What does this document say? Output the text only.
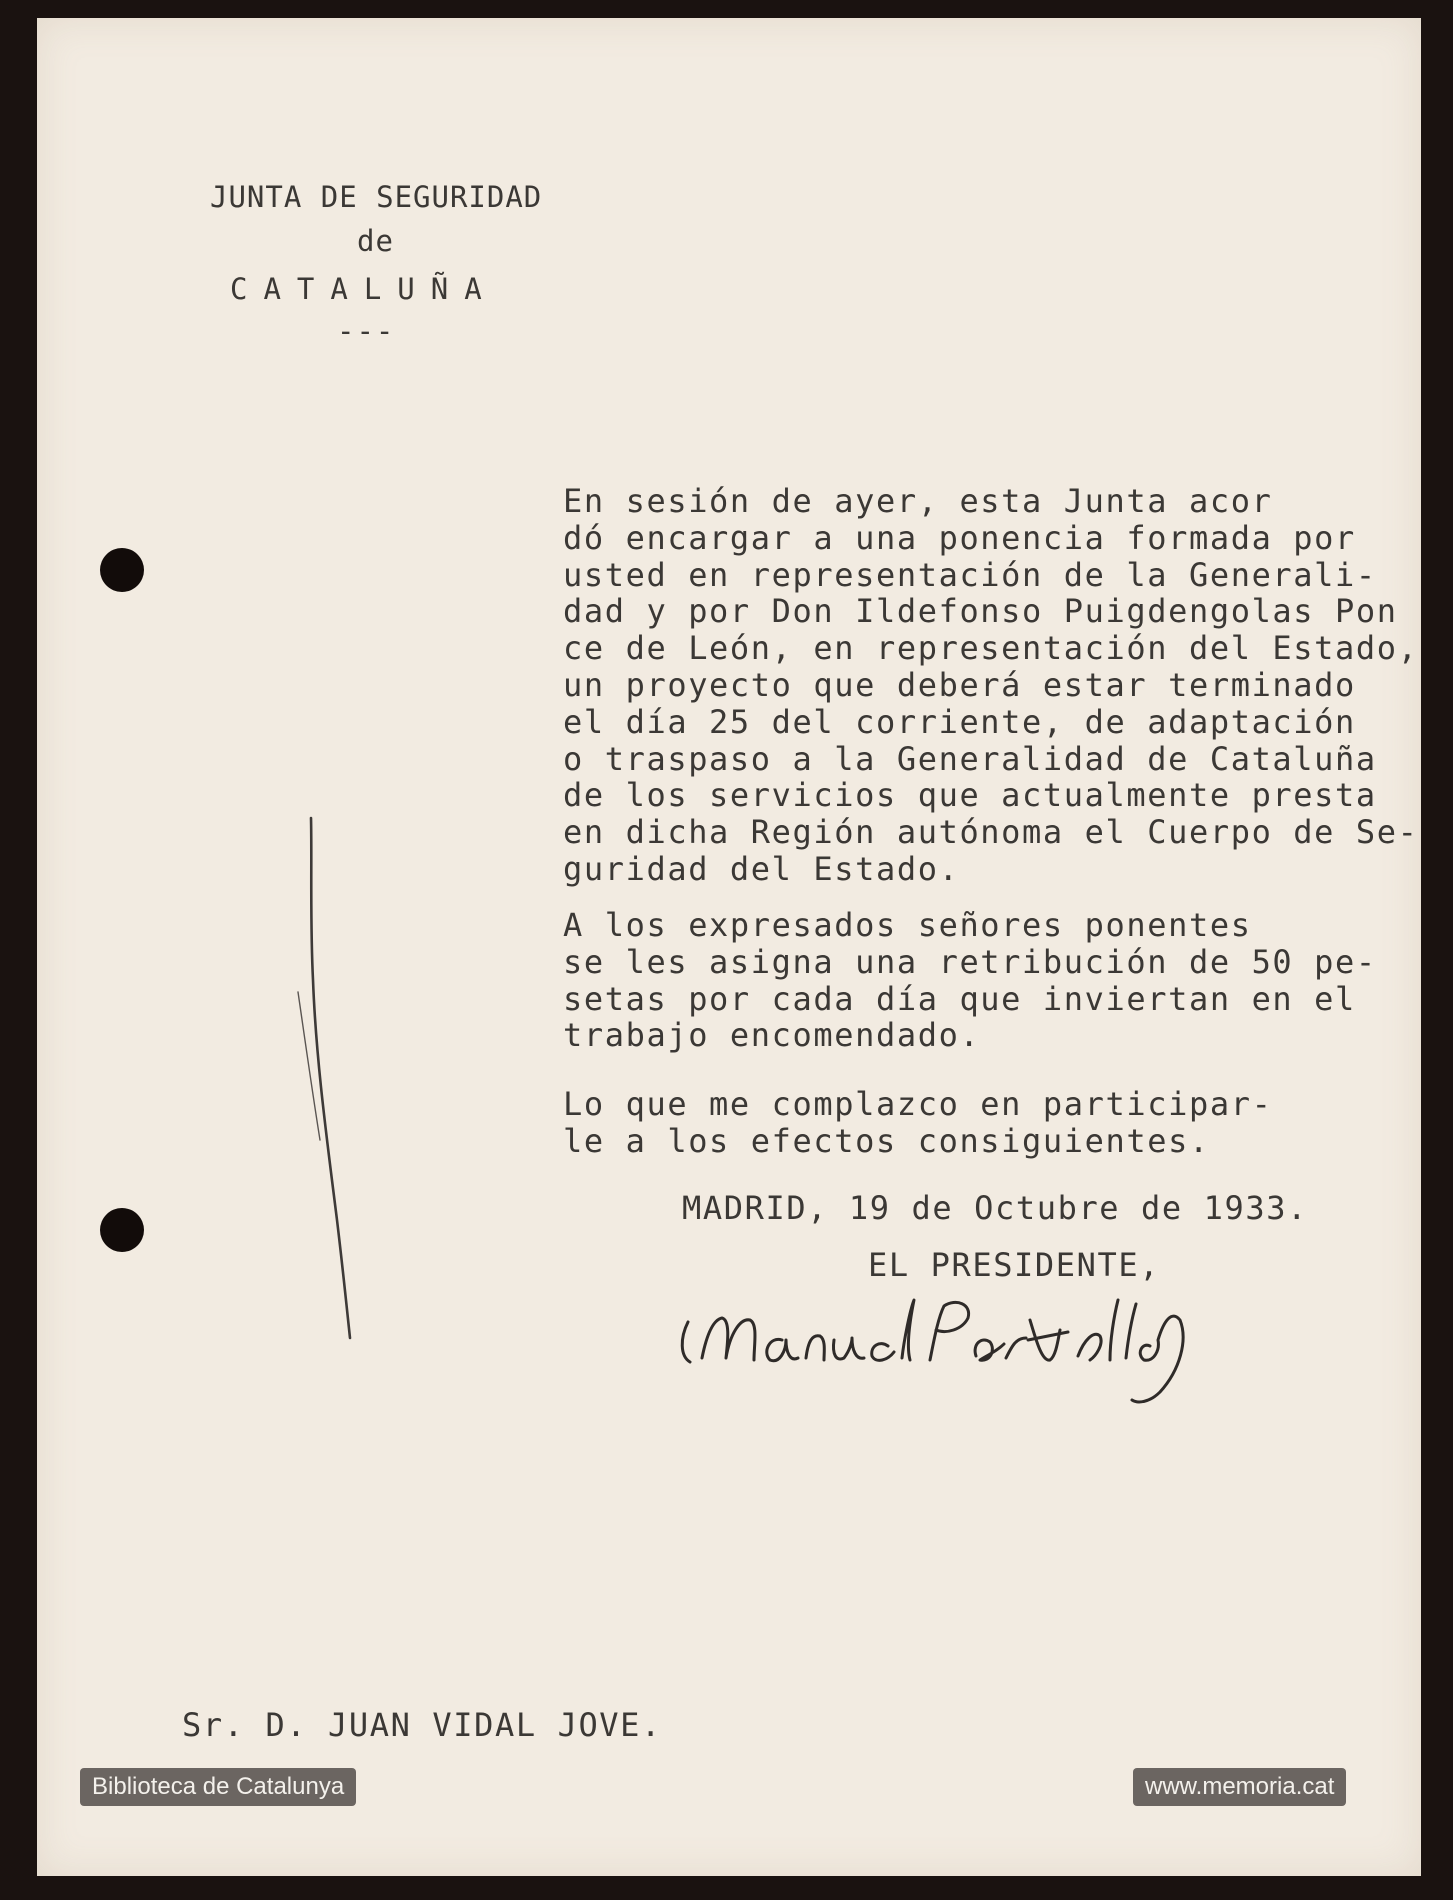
JUNTA DE SEGURIDAD
de
CATALUÑA
---
En sesión de ayer, esta Junta acor
dó encargar a una ponencia formada por
usted en representación de la Generali-
dad y por Don Ildefonso Puigdengolas Pon
ce de León, en representación del Estado,
un proyecto que deberá estar terminado
el día 25 del corriente, de adaptación
o traspaso a la Generalidad de Cataluña
de los servicios que actualmente presta
en dicha Región autónoma el Cuerpo de Se-
guridad del Estado.
A los expresados señores ponentes
se les asigna una retribución de 50 pe-
setas por cada día que inviertan en el
trabajo encomendado.
Lo que me complazco en participar-
le a los efectos consiguientes.
MADRID, 19 de Octubre de 1933.
EL PRESIDENTE,
Sr. D. JUAN VIDAL JOVE.
Biblioteca de Catalunya	www.memoria.cat
